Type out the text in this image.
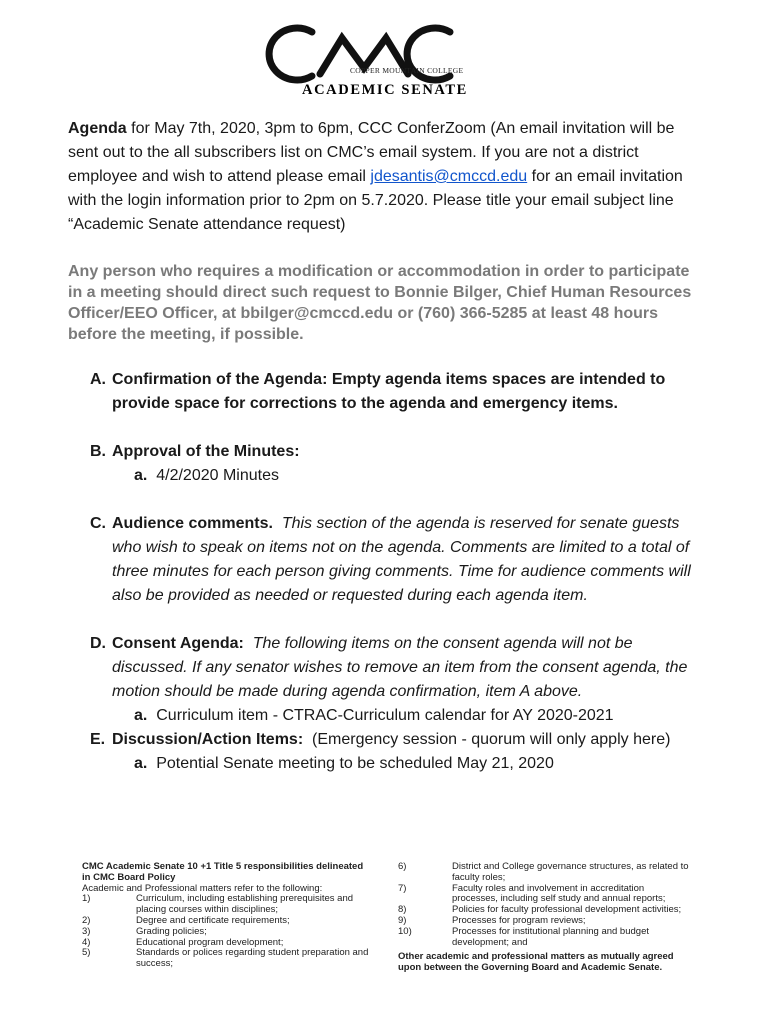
COPPER MOUNTAIN COLLEGE
ACADEMIC SENATE
Agenda for May 7th, 2020, 3pm to 6pm, CCC ConferZoom (An email invitation will be sent out to the all subscribers list on CMC’s email system. If you are not a district employee and wish to attend please email jdesantis@cmccd.edu for an email invitation with the login information prior to 2pm on 5.7.2020. Please title your email subject line “Academic Senate attendance request)
Any person who requires a modification or accommodation in order to participate in a meeting should direct such request to Bonnie Bilger, Chief Human Resources Officer/EEO Officer, at bbilger@cmccd.edu or (760) 366-5285 at least 48 hours before the meeting, if possible.
A. Confirmation of the Agenda: Empty agenda items spaces are intended to provide space for corrections to the agenda and emergency items.
B. Approval of the Minutes:
a. 4/2/2020 Minutes
C. Audience comments. This section of the agenda is reserved for senate guests who wish to speak on items not on the agenda. Comments are limited to a total of three minutes for each person giving comments. Time for audience comments will also be provided as needed or requested during each agenda item.
D. Consent Agenda: The following items on the consent agenda will not be discussed. If any senator wishes to remove an item from the consent agenda, the motion should be made during agenda confirmation, item A above.
a. Curriculum item - CTRAC-Curriculum calendar for AY 2020-2021
E. Discussion/Action Items: (Emergency session - quorum will only apply here)
a. Potential Senate meeting to be scheduled May 21, 2020
CMC Academic Senate 10 +1 Title 5 responsibilities delineated in CMC Board Policy
Academic and Professional matters refer to the following:
1)	Curriculum, including establishing prerequisites and placing courses within disciplines;
2)	Degree and certificate requirements;
3)	Grading policies;
4)	Educational program development;
5)	Standards or polices regarding student preparation and success;
6)	District and College governance structures, as related to faculty roles;
7)	Faculty roles and involvement in accreditation processes, including self study and annual reports;
8)	Policies for faculty professional development activities;
9)	Processes for program reviews;
10)	Processes for institutional planning and budget development; and
Other academic and professional matters as mutually agreed upon between the Governing Board and Academic Senate.
